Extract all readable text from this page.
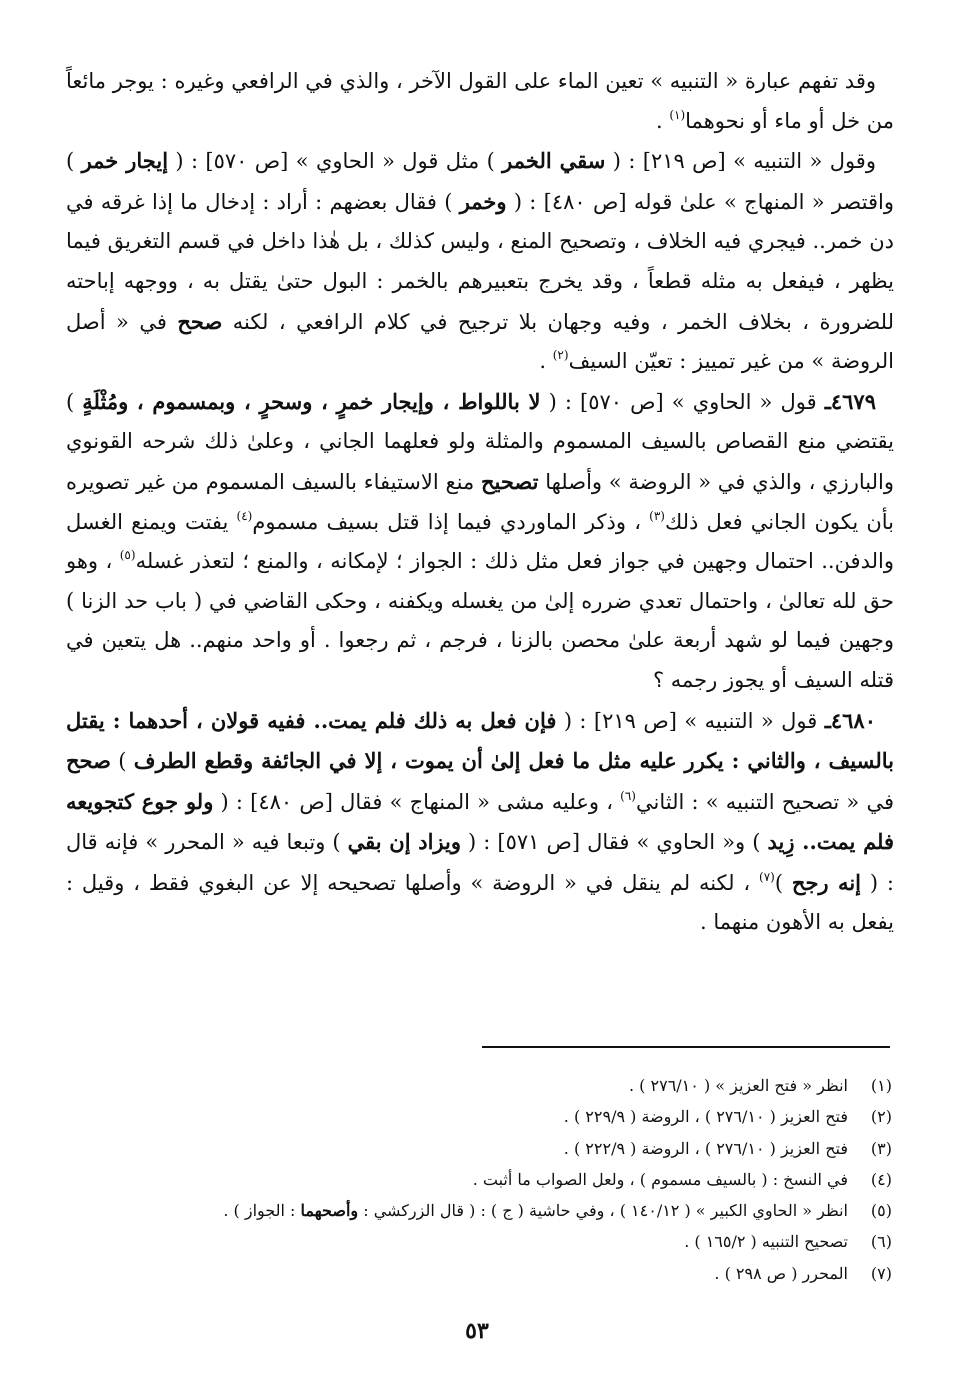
وقد تفهم عبارة « التنبيه » تعين الماء على القول الآخر ، والذي في الرافعي وغيره : يوجر مائعاً من خل أو ماء أو نحوهما$^{(١)}$ .

وقول « التنبيه » [ص ٢١٩] : ( سقي الخمر ) مثل قول « الحاوي » [ص ٥٧٠] : ( إيجار خمر ) واقتصر « المنهاج » علىٰ قوله [ص ٤٨٠] : ( وخمر ) فقال بعضهم : أراد : إدخال ما إذا غرقه في دن خمر.. فيجري فيه الخلاف ، وتصحيح المنع ، وليس كذلك ، بل هٰذا داخل في قسم التغريق فيما يظهر ، فيفعل به مثله قطعاً ، وقد يخرج بتعبيرهم بالخمر : البول حتىٰ يقتل به ، ووجهه إباحته للضرورة ، بخلاف الخمر ، وفيه وجهان بلا ترجيح في كلام الرافعي ، لكنه صحح في « أصل الروضة » من غير تمييز : تعيّن السيف$^{(٢)}$ .

٤٦٧٩ـ قول « الحاوي » [ص ٥٧٠] : ( لا باللواط ، وإيجار خمرٍ ، وسحرٍ ، وبمسموم ، ومُثْلَةٍ ) يقتضي منع القصاص بالسيف المسموم والمثلة ولو فعلهما الجاني ، وعلىٰ ذلك شرحه القونوي والبارزي ، والذي في « الروضة » وأصلها تصحيح منع الاستيفاء بالسيف المسموم من غير تصويره بأن يكون الجاني فعل ذلك$^{(٣)}$ ، وذكر الماوردي فيما إذا قتل بسيف مسموم$^{(٤)}$ يفتت ويمنع الغسل والدفن.. احتمال وجهين في جواز فعل مثل ذلك : الجواز ؛ لإمكانه ، والمنع ؛ لتعذر غسله$^{(٥)}$ ، وهو حق لله تعالىٰ ، واحتمال تعدي ضرره إلىٰ من يغسله ويكفنه ، وحكى القاضي في ( باب حد الزنا ) وجهين فيما لو شهد أربعة علىٰ محصن بالزنا ، فرجم ، ثم رجعوا . أو واحد منهم.. هل يتعين في قتله السيف أو يجوز رجمه ؟

٤٦٨٠ـ قول « التنبيه » [ص ٢١٩] : ( فإن فعل به ذلك فلم يمت.. ففيه قولان ، أحدهما : يقتل بالسيف ، والثاني : يكرر عليه مثل ما فعل إلىٰ أن يموت ، إلا في الجائفة وقطع الطرف ) صحح في « تصحيح التنبيه » : الثاني$^{(٦)}$ ، وعليه مشى « المنهاج » فقال [ص ٤٨٠] : ( ولو جوع كتجويعه فلم يمت.. زِيد ) و« الحاوي » فقال [ص ٥٧١] : ( ويزاد إن بقي ) وتبعا فيه « المحرر » فإنه قال : ( إنه رجح )$^{(٧)}$ ، لكنه لم ينقل في « الروضة » وأصلها تصحيحه إلا عن البغوي فقط ، وقيل : يفعل به الأهون منهما .

(١)
انظر « فتح العزيز » ( ٢٧٦/١٠ ) .
(٢)
فتح العزيز ( ٢٧٦/١٠ ) ، الروضة ( ٢٢٩/٩ ) .
(٣)
فتح العزيز ( ٢٧٦/١٠ ) ، الروضة ( ٢٢٢/٩ ) .
(٤)
في النسخ : ( بالسيف مسموم ) ، ولعل الصواب ما أثبت .
(٥)
انظر « الحاوي الكبير » ( ١٤٠/١٢ ) ، وفي حاشية ( ج ) : ( قال الزركشي : وأصحهما : الجواز ) .
(٦)
تصحيح التنبيه ( ١٦٥/٢ ) .
(٧)
المحرر ( ص ٢٩٨ ) .
٥٣
